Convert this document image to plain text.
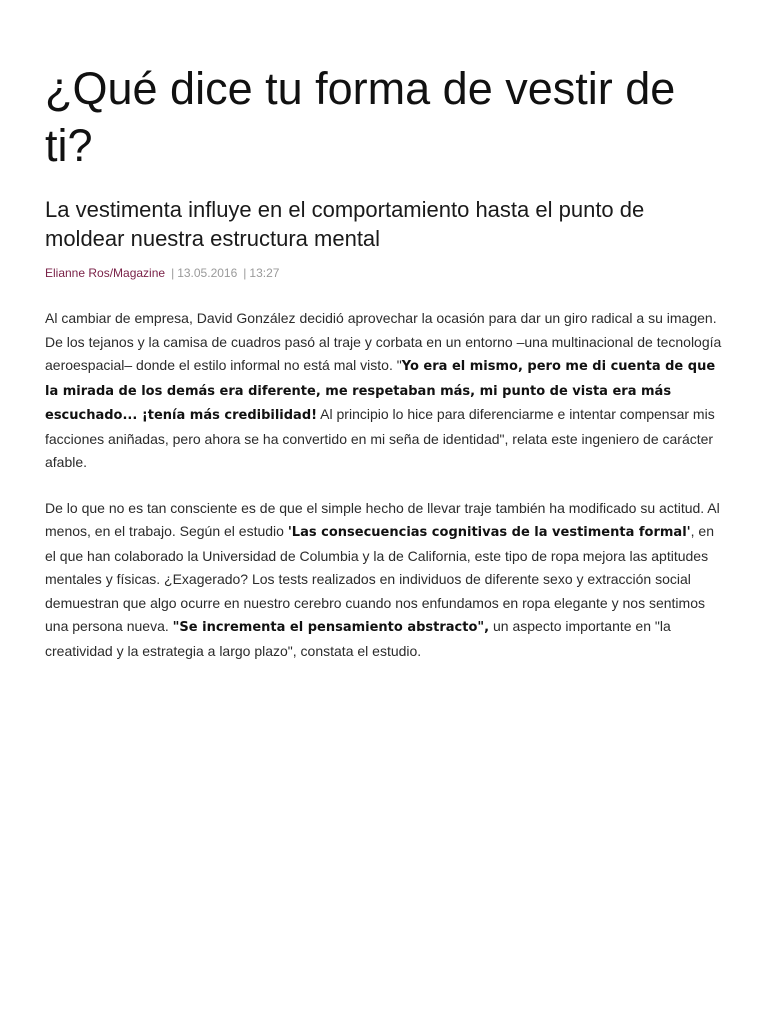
¿Qué dice tu forma de vestir de ti?
La vestimenta influye en el comportamiento hasta el punto de moldear nuestra estructura mental
Elianne Ros/Magazine | 13.05.2016 | 13:27

Al cambiar de empresa, David González decidió aprovechar la ocasión para dar un giro radical a su imagen. De los tejanos y la camisa de cuadros pasó al traje y corbata en un entorno –una multinacional de tecnología aeroespacial– donde el estilo informal no está mal visto. "Yo era el mismo, pero me di cuenta de que la mirada de los demás era diferente, me respetaban más, mi punto de vista era más escuchado... ¡tenía más credibilidad! Al principio lo hice para diferenciarme e intentar compensar mis facciones aniñadas, pero ahora se ha convertido en mi seña de identidad", relata este ingeniero de carácter afable.

De lo que no es tan consciente es de que el simple hecho de llevar traje también ha modificado su actitud. Al menos, en el trabajo. Según el estudio 'Las consecuencias cognitivas de la vestimenta formal', en el que han colaborado la Universidad de Columbia y la de California, este tipo de ropa mejora las aptitudes mentales y físicas. ¿Exagerado? Los tests realizados en individuos de diferente sexo y extracción social demuestran que algo ocurre en nuestro cerebro cuando nos enfundamos en ropa elegante y nos sentimos una persona nueva. "Se incrementa el pensamiento abstracto", un aspecto importante en "la creatividad y la estrategia a largo plazo", constata el estudio.
